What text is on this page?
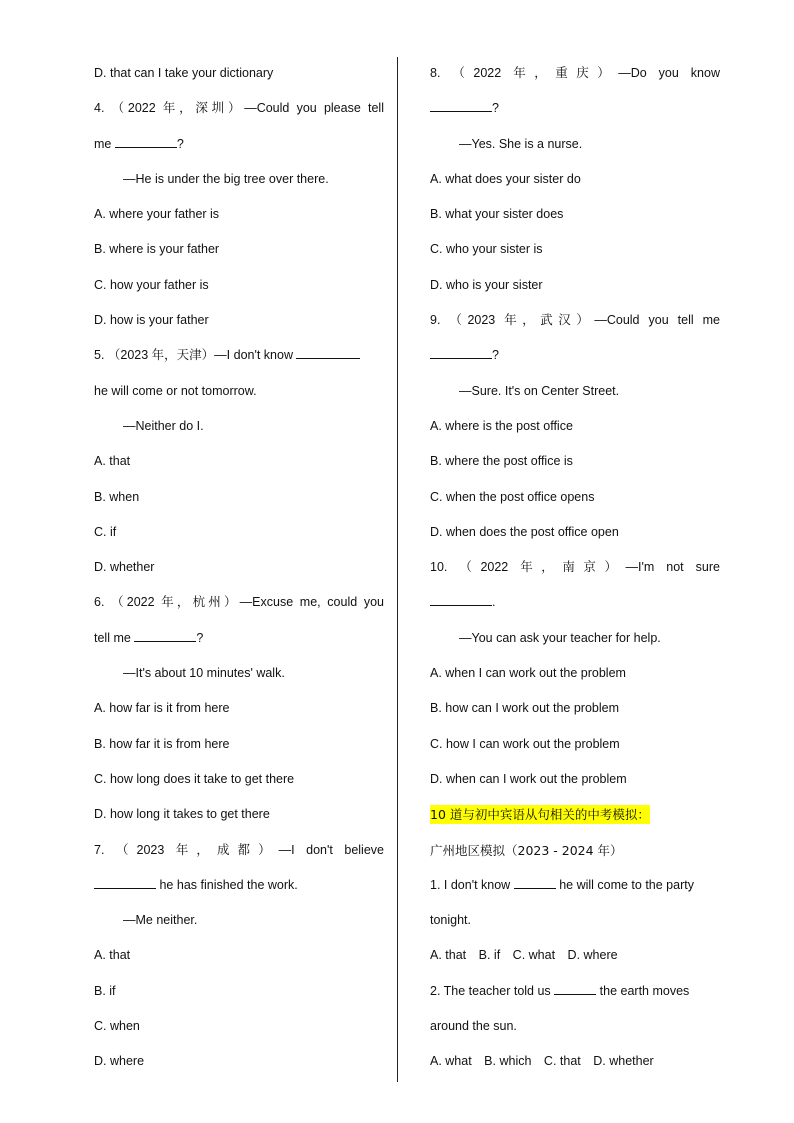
D. that can I take your dictionary
4. （2022 年，深圳）—Could you please tell
me	?
—He is under the big tree over there.
A. where your father is
B. where is your father
C. how your father is
D. how is your father
5. （2023 年，天津）—I don't know
he will come or not tomorrow.
—Neither do I.
A. that
B. when
C. if
D. whether
6. （2022 年，杭州）—Excuse me, could you
tell me	?
—It's about 10 minutes' walk.
A. how far is it from here
B. how far it is from here
C. how long does it take to get there
D. how long it takes to get there
7. （2023 年，成都）—I don't believe
he has finished the work.
—Me neither.
A. that
B. if
C. when
D. where
8. （2022 年，重庆）—Do you know
?
—Yes. She is a nurse.
A. what does your sister do
B. what your sister does
C. who your sister is
D. who is your sister
9. （2023 年，武汉）—Could you tell me
?
—Sure. It's on Center Street.
A. where is the post office
B. where the post office is
C. when the post office opens
D. when does the post office open
10. （2022 年，南京）—I'm not sure
.
—You can ask your teacher for help.
A. when I can work out the problem
B. how can I work out the problem
C. how I can work out the problem
D. when can I work out the problem
10 道与初中宾语从句相关的中考模拟：
广州地区模拟（2023 - 2024 年）
1. I don't know	he will come to the party
tonight.
A. that　B. if　C. what　D. where
2. The teacher told us	the earth moves
around the sun.
A. what　B. which　C. that　D. whether
